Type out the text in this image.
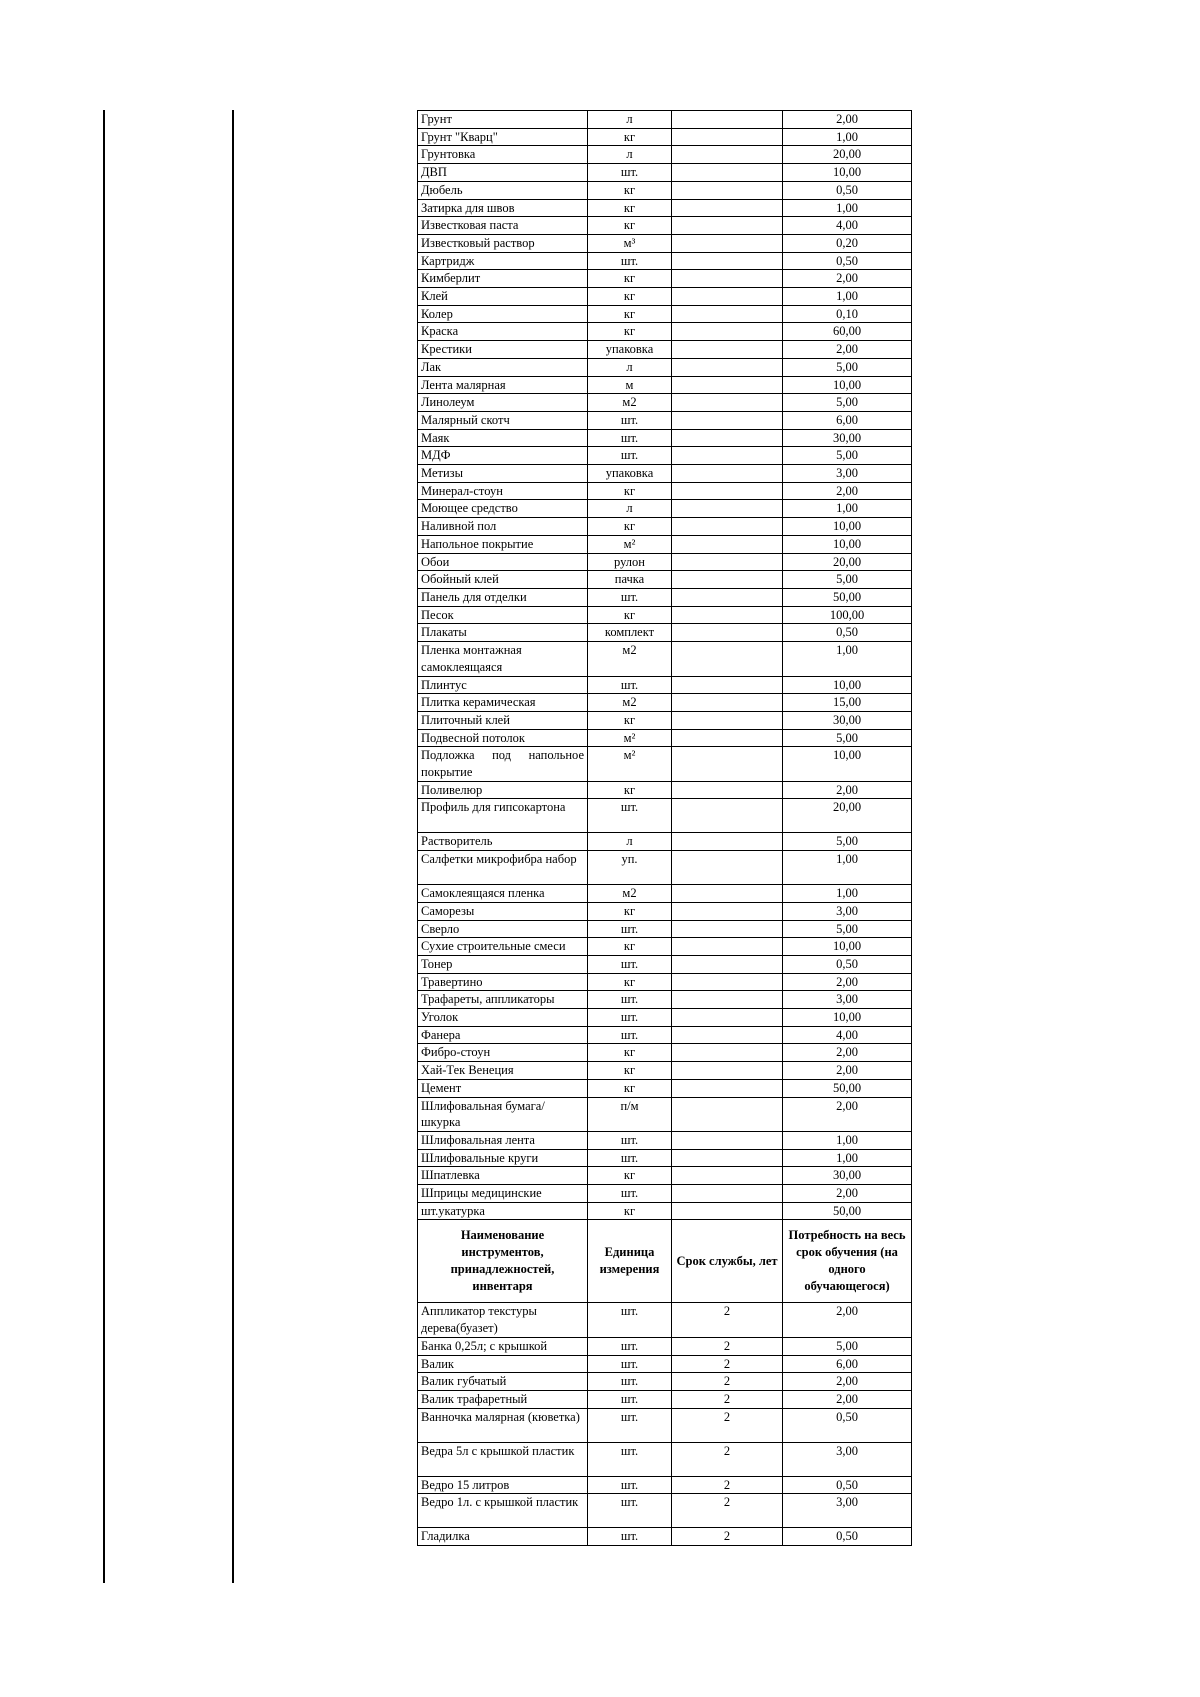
Грунт	л		2,00
Грунт "Кварц"	кг		1,00
Грунтовка	л		20,00
ДВП	шт.		10,00
Дюбель	кг		0,50
Затирка для швов	кг		1,00
Известковая паста	кг		4,00
Известковый раствор	м³		0,20
Картридж	шт.		0,50
Кимберлит	кг		2,00
Клей	кг		1,00
Колер	кг		0,10
Краска	кг		60,00
Крестики	упаковка		2,00
Лак	л		5,00
Лента малярная	м		10,00
Линолеум	м2		5,00
Малярный скотч	шт.		6,00
Маяк	шт.		30,00
МДФ	шт.		5,00
Метизы	упаковка		3,00
Минерал-стоун	кг		2,00
Моющее средство	л		1,00
Наливной пол	кг		10,00
Напольное покрытие	м²		10,00
Обои	рулон		20,00
Обойный клей	пачка		5,00
Панель для отделки	шт.		50,00
Песок	кг		100,00
Плакаты	комплект		0,50
Пленка монтажная самоклеящаяся	м2		1,00
Плинтус	шт.		10,00
Плитка керамическая	м2		15,00
Плиточный клей	кг		30,00
Подвесной потолок	м²		5,00
Подложка под напольное покрытие	м²		10,00
Поливелюр	кг		2,00
Профиль для гипсокартона	шт.		20,00
Растворитель	л		5,00
Салфетки микрофибра набор	уп.		1,00
Самоклеящаяся пленка	м2		1,00
Саморезы	кг		3,00
Сверло	шт.		5,00
Сухие строительные смеси	кг		10,00
Тонер	шт.		0,50
Травертино	кг		2,00
Трафареты, аппликаторы	шт.		3,00
Уголок	шт.		10,00
Фанера	шт.		4,00
Фибро-стоун	кг		2,00
Хай-Тек Венеция	кг		2,00
Цемент	кг		50,00
Шлифовальная бумага/шкурка	п/м		2,00
Шлифовальная лента	шт.		1,00
Шлифовальные круги	шт.		1,00
Шпатлевка	кг		30,00
Шприцы медицинские	шт.		2,00
шт.укатурка	кг		50,00
Наименование инструментов, принадлежностей, инвентаря	Единица измерения	Срок службы, лет	Потребность на весь срок обучения (на одного обучающегося)
Аппликатор текстуры дерева(буазет)	шт.	2	2,00
Банка 0,25л; с крышкой	шт.	2	5,00
Валик	шт.	2	6,00
Валик губчатый	шт.	2	2,00
Валик трафаретный	шт.	2	2,00
Ванночка малярная (кюветка)	шт.	2	0,50
Ведра 5л с крышкой пластик	шт.	2	3,00
Ведро 15 литров	шт.	2	0,50
Ведро 1л. с крышкой пластик	шт.	2	3,00
Гладилка	шт.	2	0,50
